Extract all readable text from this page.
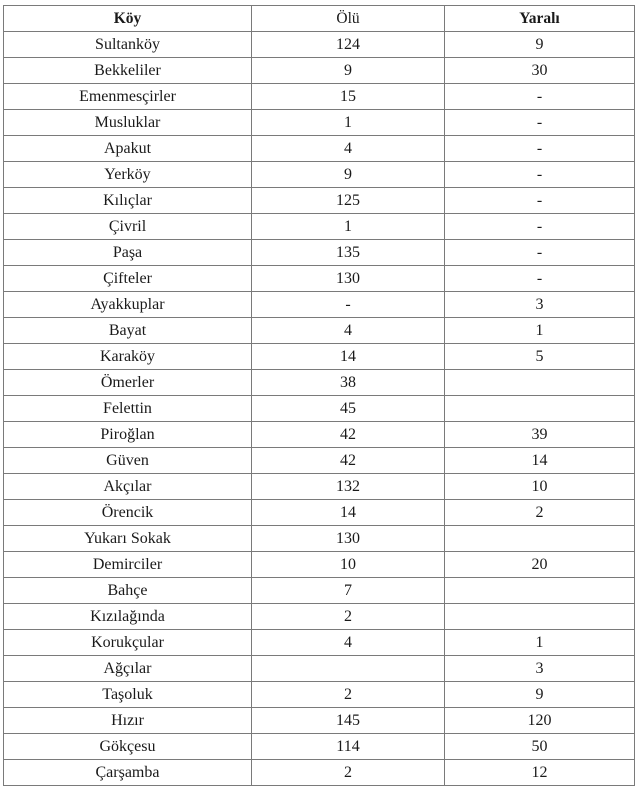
Köy	Ölü	Yaralı
Sultanköy	124	9
Bekkeliler	9	30
Emenmesçirler	15	-
Musluklar	1	-
Apakut	4	-
Yerköy	9	-
Kılıçlar	125	-
Çivril	1	-
Paşa	135	-
Çifteler	130	-
Ayakkuplar	-	3
Bayat	4	1
Karaköy	14	5
Ömerler	38	
Felettin	45	
Piroğlan	42	39
Güven	42	14
Akçılar	132	10
Örencik	14	2
Yukarı Sokak	130	
Demirciler	10	20
Bahçe	7	
Kızılağında	2	
Korukçular	4	1
Ağçılar		3
Taşoluk	2	9
Hızır	145	120
Gökçesu	114	50
Çarşamba	2	12
